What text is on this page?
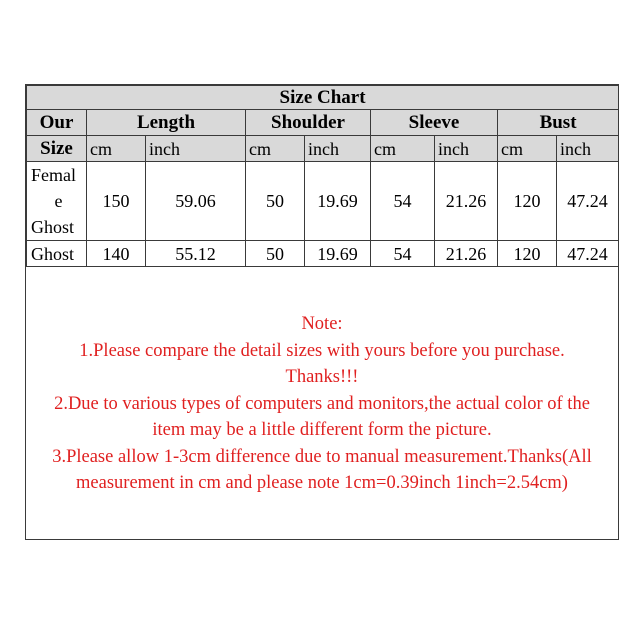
Size Chart								
Our	Length		Shoulder		Sleeve		Bust	
Size	cm	inch	cm	inch	cm	inch	cm	inch

Femal
e
Ghost	150	59.06	50	19.69	54	21.26	120	47.24
Ghost	140	55.12	50	19.69	54	21.26	120	47.24
Note:
1.Please compare the detail sizes with yours before you purchase.
Thanks!!!
2.Due to various types of computers and monitors,the actual color of the
item may be a little different form the picture.
3.Please allow 1-3cm difference due to manual measurement.Thanks(All
measurement in cm and please note 1cm=0.39inch 1inch=2.54cm)
